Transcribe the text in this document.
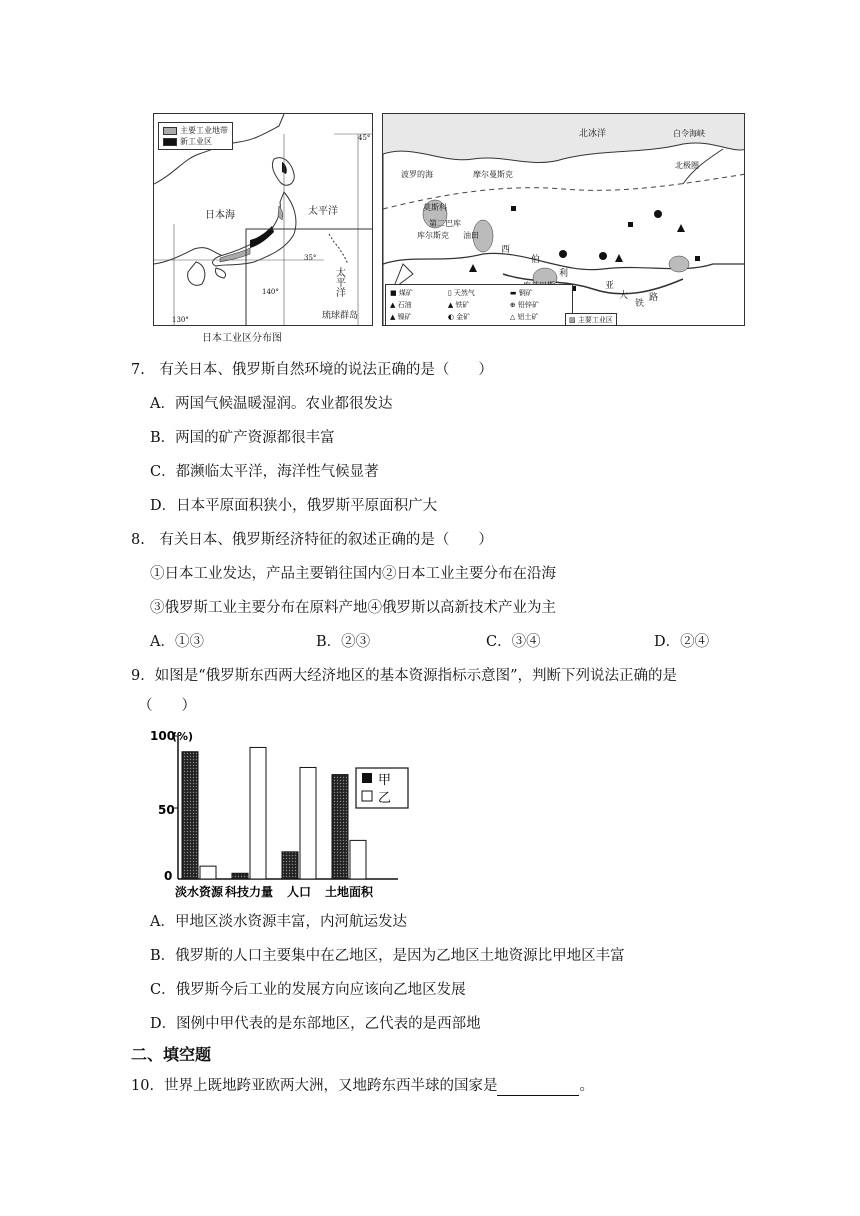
主要工业地带
新工业区
日本海	太平洋
太
平
洋
琉球群岛
45°
35°
140°
130°
日本工业区分布图
北冰洋	白令海峡
摩尔曼斯克
波罗的海
莫斯科
第二巴库
库尔斯克 油田
西
伯
利
亚
大
铁
路
北极圈
■ 煤矿	▯ 天然气	▬ 铜矿
▲ 石油	▲ 铁矿	⊕ 铅锌矿
▲ 镍矿	◐ 金矿	△ 铝土矿	▨ 主要工业区
7.　有关日本、俄罗斯自然环境的说法正确的是（　　）
A．两国气候温暖湿润。农业都很发达
B．两国的矿产资源都很丰富
C．都濒临太平洋，海洋性气候显著
D．日本平原面积狭小，俄罗斯平原面积广大
8.　有关日本、俄罗斯经济特征的叙述正确的是（　　）
①日本工业发达，产品主要销往国内②日本工业主要分布在沿海
③俄罗斯工业主要分布在原料产地④俄罗斯以高新技术产业为主
A．①③	B．②③	C．③④	D．②④
9．如图是“俄罗斯东西两大经济地区的基本资源指标示意图”，判断下列说法正确的是
（　　）
100
(%)
50
0
淡水资源 科技力量 人口 土地面积
甲
乙
A．甲地区淡水资源丰富，内河航运发达
B．俄罗斯的人口主要集中在乙地区，是因为乙地区土地资源比甲地区丰富
C．俄罗斯今后工业的发展方向应该向乙地区发展
D．图例中甲代表的是东部地区，乙代表的是西部地
二、填空题
10．世界上既地跨亚欧两大洲，又地跨东西半球的国家是	。
